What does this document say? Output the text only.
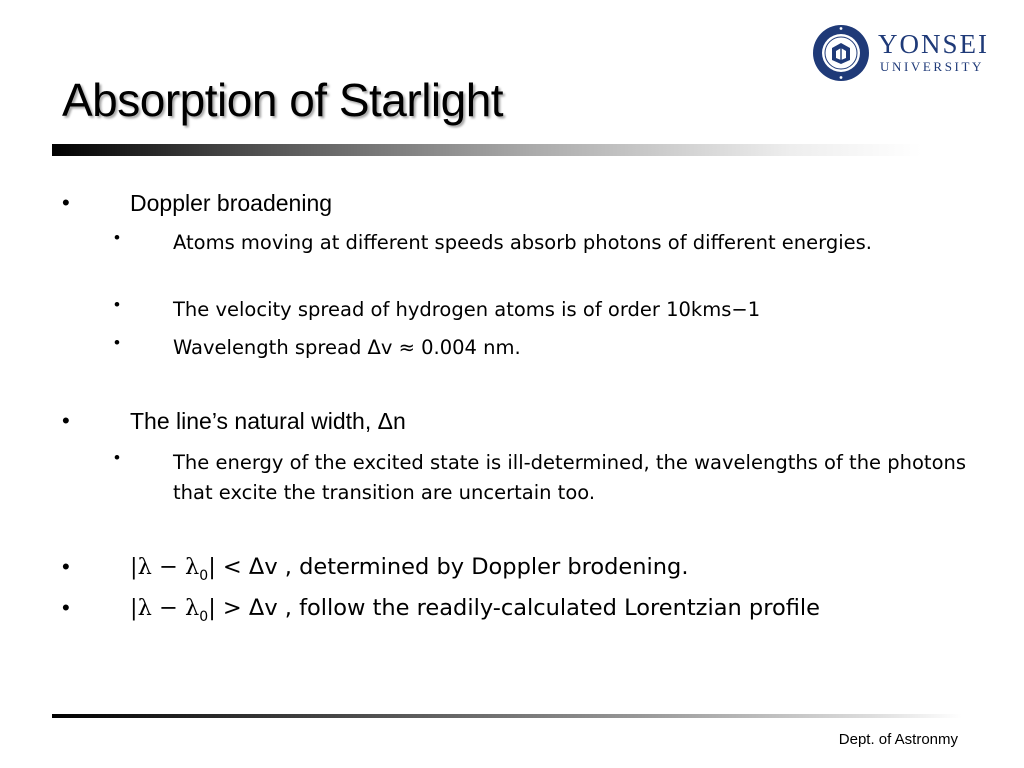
Absorption of Starlight
YONSEI
UNIVERSITY
•	Doppler broadening
•	Atoms moving at different speeds absorb photons of different energies.
•	The velocity spread of hydrogen atoms is of order 10kms−1
•	Wavelength spread Δv ≈ 0.004 nm.
•	The line’s natural width, Δn
•	The energy of the excited state is ill-determined, the wavelengths of the photons that excite the transition are uncertain too.
•	$|\lambda - \lambda_0| < \Delta v$ , determined by Doppler brodening.
•	$|\lambda - \lambda_0| > \Delta v$ , follow the readily-calculated Lorentzian profile
Dept. of Astronmy
